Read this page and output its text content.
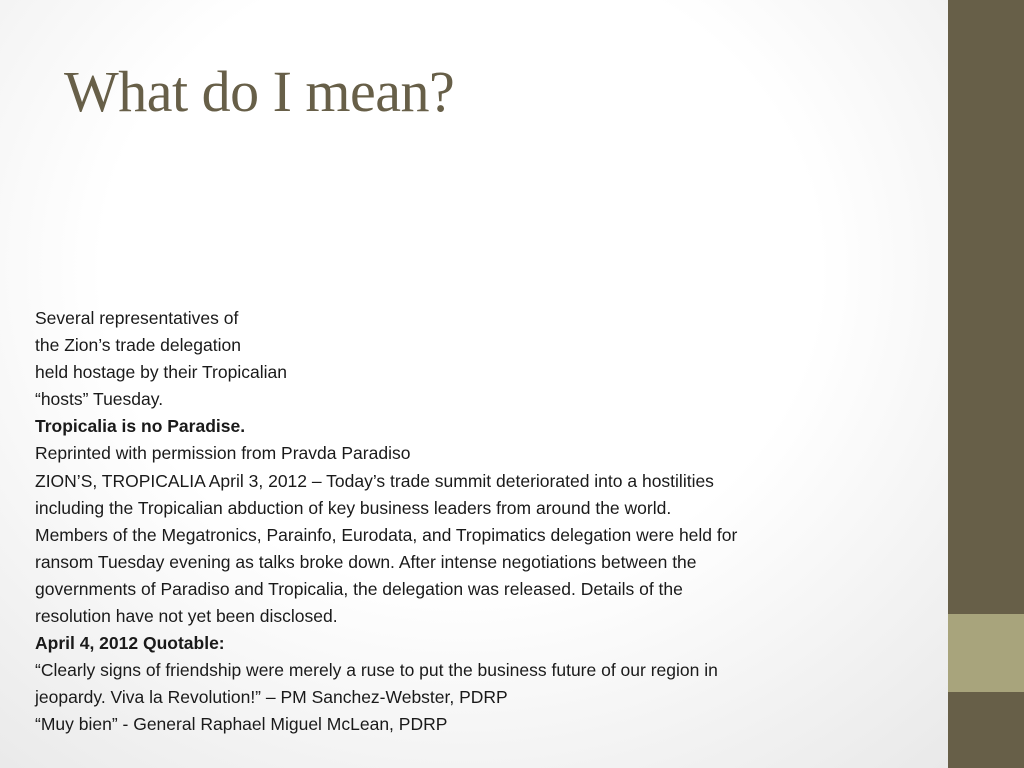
What do I mean?
Several representatives of
the Zion’s trade delegation
held hostage by their Tropicalian
“hosts” Tuesday.
Tropicalia is no Paradise.
Reprinted with permission from Pravda Paradiso
ZION’S, TROPICALIA April 3, 2012 – Today’s trade summit deteriorated into a hostilities
including the Tropicalian abduction of key business leaders from around the world.
Members of the Megatronics, Parainfo, Eurodata, and Tropimatics delegation were held for
ransom Tuesday evening as talks broke down. After intense negotiations between the
governments of Paradiso and Tropicalia, the delegation was released. Details of the
resolution have not yet been disclosed.
April 4, 2012 Quotable:
“Clearly signs of friendship were merely a ruse to put the business future of our region in
jeopardy. Viva la Revolution!” – PM Sanchez-Webster, PDRP
“Muy bien” - General Raphael Miguel McLean, PDRP
